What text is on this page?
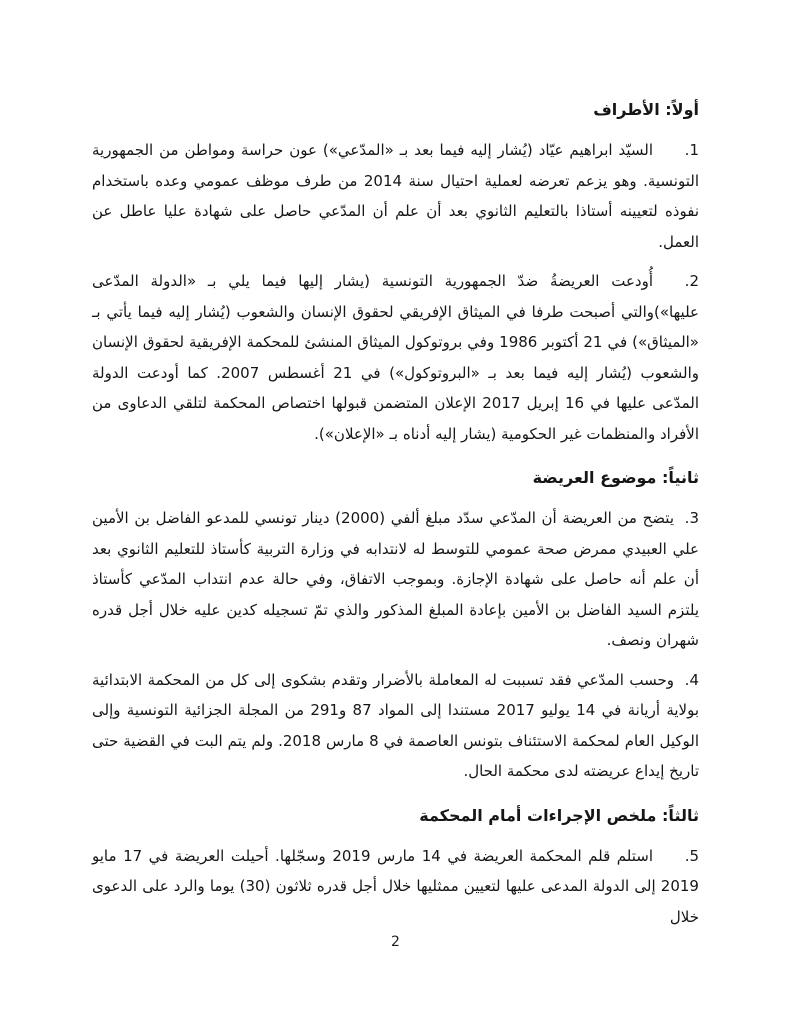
أولاً: الأطراف
1.السيّد ابراهيم عيّاد (يُشار إليه فيما بعد بـ «المدّعي») عون حراسة ومواطن من الجمهورية التونسية. وهو يزعم تعرضه لعملية احتيال سنة 2014 من طرف موظف عمومي وعده باستخدام نفوذه لتعيينه أستاذا بالتعليم الثانوي بعد أن علم أن المدّعي حاصل على شهادة عليا عاطل عن العمل.
2.أُودعت العريضةُ ضدّ الجمهورية التونسية (يشار إليها فيما يلي بـ «الدولة المدّعى عليها»)والتي أصبحت طرفا في الميثاق الإفريقي لحقوق الإنسان والشعوب (يُشار إليه فيما يأتي بـ «الميثاق») في 21 أكتوبر 1986 وفي بروتوكول الميثاق المنشئ للمحكمة الإفريقية لحقوق الإنسان والشعوب (يُشار إليه فيما بعد بـ «البروتوكول») في 21 أغسطس 2007. كما أودعت الدولة المدّعى عليها في 16 إبريل 2017 الإعلان المتضمن قبولها اختصاص المحكمة لتلقي الدعاوى من الأفراد والمنظمات غير الحكومية (يشار إليه أدناه بـ «الإعلان»).
ثانياً: موضوع العريضة
3.يتضح من العريضة أن المدّعي سدّد مبلغ ألفي (2000) دينار تونسي للمدعو الفاضل بن الأمين علي العبيدي ممرض صحة عمومي للتوسط له لانتدابه في وزارة التربية كأستاذ للتعليم الثانوي بعد أن علم أنه حاصل على شهادة الإجازة. وبموجب الاتفاق، وفي حالة عدم انتداب المدّعي كأستاذ يلتزم السيد الفاضل بن الأمين بإعادة المبلغ المذكور والذي تمّ تسجيله كدين عليه خلال أجل قدره شهران ونصف.
4.وحسب المدّعي فقد تسببت له المعاملة بالأضرار وتقدم بشكوى إلى كل من المحكمة الابتدائية بولاية أريانة في 14 يوليو 2017 مستندا إلى المواد 87 و291 من المجلة الجزائية التونسية وإلى الوكيل العام لمحكمة الاستئناف بتونس العاصمة في 8 مارس 2018. ولم يتم البت في القضية حتى تاريخ إيداع عريضته لدى محكمة الحال.
ثالثاً: ملخص الإجراءات أمام المحكمة
5.استلم قلم المحكمة العريضة في 14 مارس 2019 وسجّلها. أحيلت العريضة في 17 مايو 2019 إلى الدولة المدعى عليها لتعيين ممثليها خلال أجل قدره ثلاثون (30) يوما والرد على الدعوى خلال
2
